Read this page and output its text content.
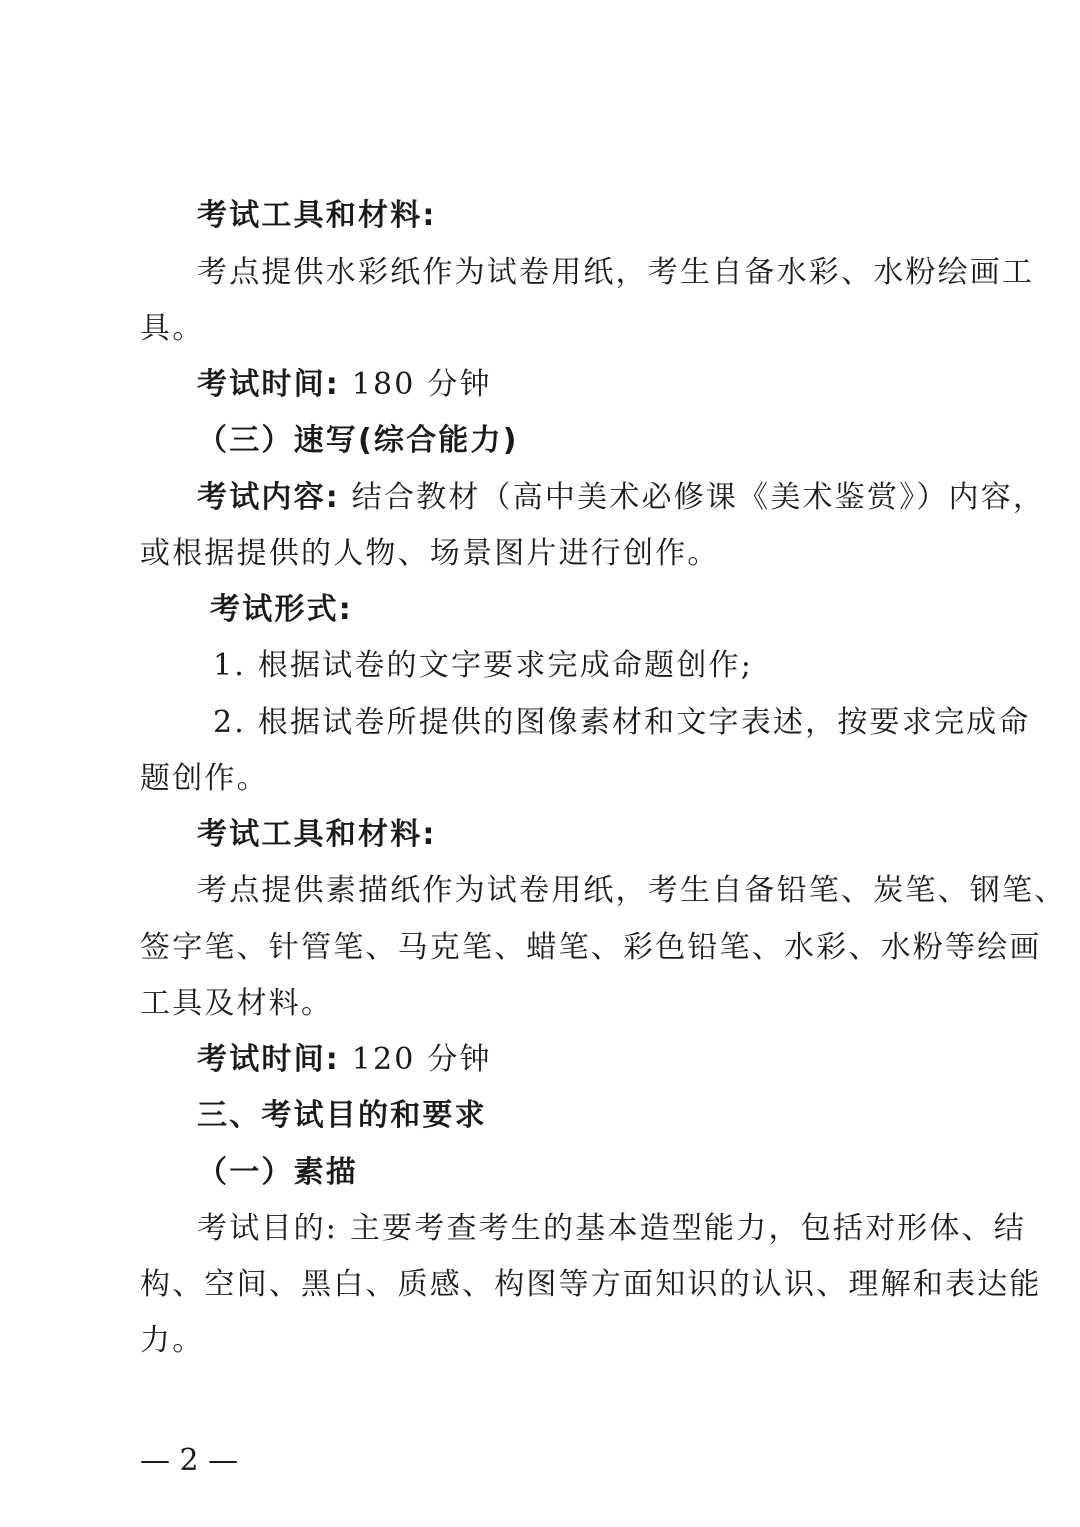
考试工具和材料:
考点提供水彩纸作为试卷用纸，考生自备水彩、水粉绘画工
具。
考试时间: 180 分钟
（三）速写(综合能力)
考试内容: 结合教材（高中美术必修课《美术鉴赏》）内容，
或根据提供的人物、场景图片进行创作。
考试形式:
1. 根据试卷的文字要求完成命题创作;
2. 根据试卷所提供的图像素材和文字表述，按要求完成命
题创作。
考试工具和材料:
考点提供素描纸作为试卷用纸，考生自备铅笔、炭笔、钢笔、
签字笔、针管笔、马克笔、蜡笔、彩色铅笔、水彩、水粉等绘画
工具及材料。
考试时间: 120 分钟
三、考试目的和要求
（一）素描
考试目的: 主要考查考生的基本造型能力，包括对形体、结
构、空间、黑白、质感、构图等方面知识的认识、理解和表达能
力。
— 2 —
